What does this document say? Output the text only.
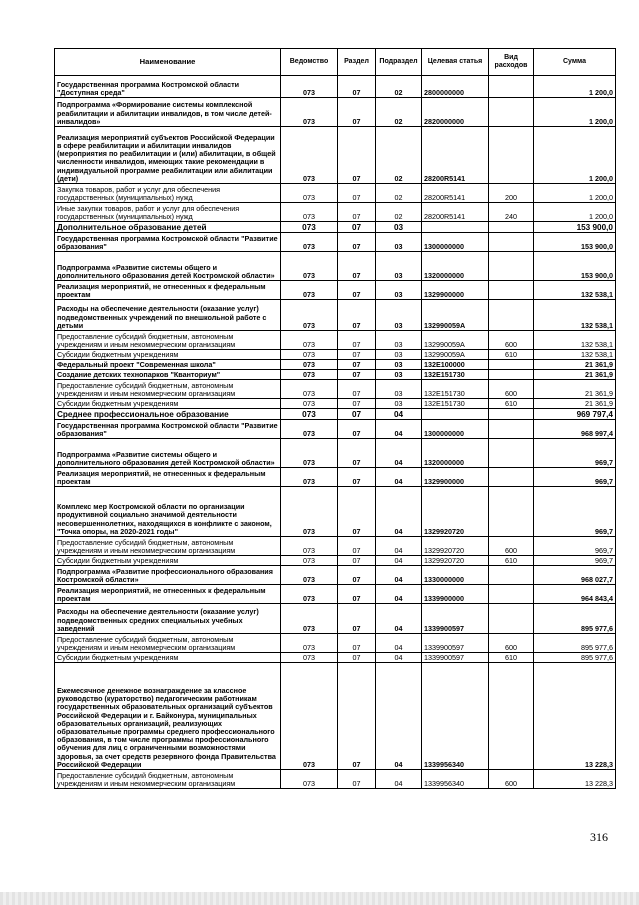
Наименование	Ведомство	Раздел	Подраздел	Целевая статья	Вид расходов	Сумма
Государственная программа Костромской области "Доступная среда"	073	07	02	2800000000		1 200,0
Подпрограмма «Формирование системы комплексной реабилитации и абилитации инвалидов, в том числе детей-инвалидов»	073	07	02	2820000000		1 200,0
Реализация мероприятий субъектов Российской Федерации в сфере реабилитации и абилитации инвалидов (мероприятия по реабилитации и (или) абилитации, в общей численности инвалидов, имеющих такие рекомендации в индивидуальной программе реабилитации или абилитации (дети)	073	07	02	28200R5141		1 200,0
Закупка товаров, работ и услуг для обеспечения государственных (муниципальных) нужд	073	07	02	28200R5141	200	1 200,0
Иные закупки товаров, работ и услуг для обеспечения государственных (муниципальных) нужд	073	07	02	28200R5141	240	1 200,0
Дополнительное образование детей	073	07	03			153 900,0
Государственная программа Костромской области "Развитие образования"	073	07	03	1300000000		153 900,0
Подпрограмма «Развитие системы общего и дополнительного образования детей Костромской области»	073	07	03	1320000000		153 900,0
Реализация мероприятий, не отнесенных к федеральным проектам	073	07	03	1329900000		132 538,1
Расходы на обеспечение деятельности (оказание услуг) подведомственных учреждений по внешкольной работе с детьми	073	07	03	132990059А		132 538,1
Предоставление субсидий бюджетным, автономным учреждениям и иным некоммерческим организациям	073	07	03	132990059А	600	132 538,1
Субсидии бюджетным учреждениям	073	07	03	132990059А	610	132 538,1
Федеральный проект "Современная школа"	073	07	03	132E100000		21 361,9
Создание детских технопарков "Кванториум"	073	07	03	132E151730		21 361,9
Предоставление субсидий бюджетным, автономным учреждениям и иным некоммерческим организациям	073	07	03	132E151730	600	21 361,9
Субсидии бюджетным учреждениям	073	07	03	132E151730	610	21 361,9
Среднее профессиональное образование	073	07	04			969 797,4
Государственная программа Костромской области "Развитие образования"	073	07	04	1300000000		968 997,4
Подпрограмма «Развитие системы общего и дополнительного образования детей Костромской области»	073	07	04	1320000000		969,7
Реализация мероприятий, не отнесенных к федеральным проектам	073	07	04	1329900000		969,7
Комплекс мер Костромской области по организации продуктивной социально значимой деятельности несовершеннолетних, находящихся в конфликте с законом, "Точка опоры, на 2020-2021 годы"	073	07	04	1329920720		969,7
Предоставление субсидий бюджетным, автономным учреждениям и иным некоммерческим организациям	073	07	04	1329920720	600	969,7
Субсидии бюджетным учреждениям	073	07	04	1329920720	610	969,7
Подпрограмма «Развитие профессионального образования Костромской области»	073	07	04	1330000000		968 027,7
Реализация мероприятий, не отнесенных к федеральным проектам	073	07	04	1339900000		964 843,4
Расходы на обеспечение деятельности (оказание услуг) подведомственных средних специальных учебных заведений	073	07	04	1339900597		895 977,6
Предоставление субсидий бюджетным, автономным учреждениям и иным некоммерческим организациям	073	07	04	1339900597	600	895 977,6
Субсидии бюджетным учреждениям	073	07	04	1339900597	610	895 977,6
Ежемесячное денежное вознаграждение за классное руководство (кураторство) педагогическим работникам государственных образовательных организаций субъектов Российской Федерации и г. Байконура, муниципальных образовательных организаций, реализующих образовательные программы среднего профессионального образования, в том числе программы профессионального обучения для лиц с ограниченными возможностями здоровья, за счет средств резервного фонда Правительства Российской Федерации	073	07	04	1339956340		13 228,3
Предоставление субсидий бюджетным, автономным учреждениям и иным некоммерческим организациям	073	07	04	1339956340	600	13 228,3
316
